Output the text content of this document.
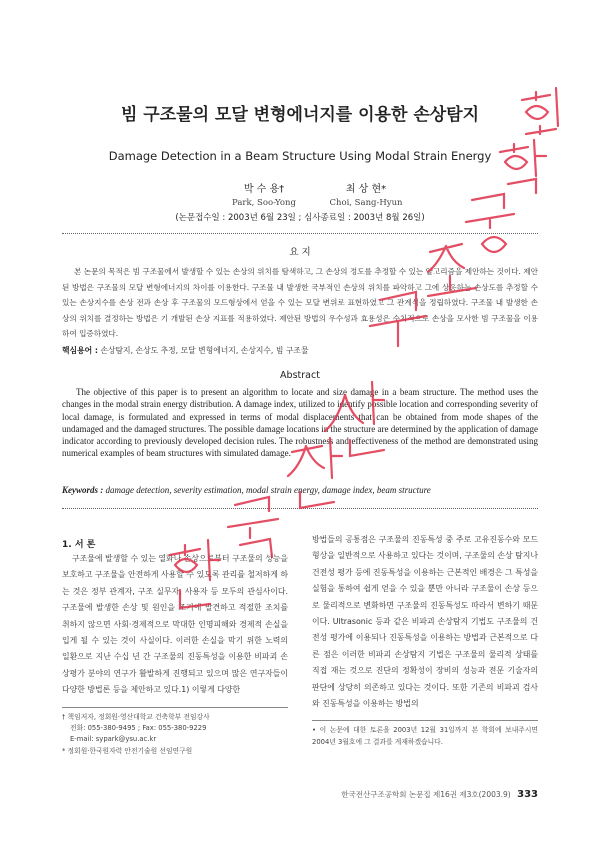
빔 구조물의 모달 변형에너지를 이용한 손상탐지
Damage Detection in a Beam Structure Using Modal Strain Energy
박 수 용†
Park, Soo-Yong
최 상 현*
Choi, Sang-Hyun
(논문접수일 : 2003년 6월 23일 ; 심사종료일 : 2003년 8월 26일)
요 지
본 논문의 목적은 빔 구조물에서 발생할 수 있는 손상의 위치를 탐색하고, 그 손상의 정도를 추정할 수 있는 알고리즘을 제안하는 것이다. 제안된 방법은 구조물의 모달 변형에너지의 차이를 이용한다. 구조물 내 발생한 국부적인 손상의 위치를 파악하고 그에 상응하는 손상도를 추정할 수 있는 손상지수를 손상 전과 손상 후 구조물의 모드형상에서 얻을 수 있는 모달 변위로 표현하였고 그 관계식을 정립하였다. 구조물 내 발생한 손상의 위치를 결정하는 방법은 기 개발된 손상 지표를 적용하였다. 제안된 방법의 우수성과 효용성은 수치적으로 손상을 모사한 빔 구조물을 이용하여 입증하였다.
핵심용어 : 손상탐지, 손상도 추정, 모달 변형에너지, 손상지수, 빔 구조물
Abstract
The objective of this paper is to present an algorithm to locate and size damage in a beam structure. The method uses the changes in the modal strain energy distribution. A damage index, utilized to identify possible location and corresponding severity of local damage, is formulated and expressed in terms of modal displacements that can be obtained from mode shapes of the undamaged and the damaged structures. The possible damage locations in the structure are determined by the application of damage indicator according to previously developed decision rules. The robustness and effectiveness of the method are demonstrated using numerical examples of beam structures with simulated damage.
Keywords : damage detection, severity estimation, modal strain energy, damage index, beam structure
1. 서 론
구조물에 발생할 수 있는 열화나 손상으로부터 구조물의 성능을 보호하고 구조물을 안전하게 사용할 수 있도록 관리를 철저하게 하는 것은 정부 관계자, 구조 실무자, 사용자 등 모두의 관심사이다. 구조물에 발생한 손상 및 원인을 조기에 발견하고 적절한 조치를 취하지 않으면 사회·경제적으로 막대한 인명피해와 경제적 손실을 입게 될 수 있는 것이 사실이다. 이러한 손실을 막기 위한 노력의 일환으로 지난 수십 년 간 구조물의 진동특성을 이용한 비파괴 손상평가 분야의 연구가 활발하게 진행되고 있으며 많은 연구자들이 다양한 방법론 등을 제안하고 있다.1) 이렇게 다양한
† 책임저자, 정회원·영산대학교 건축학부 전임강사
전화: 055-380-9495 ; Fax: 055-380-9229
E-mail: sypark@ysu.ac.kr
* 정회원·한국원자력 안전기술원 선임연구원
방법들의 공통점은 구조물의 진동특성 중 주로 고유진동수와 모드형상을 일반적으로 사용하고 있다는 것이며, 구조물의 손상 탐지나 건전성 평가 등에 진동특성을 이용하는 근본적인 배경은 그 특성을 실험을 통하여 쉽게 얻을 수 있을 뿐만 아니라 구조물이 손상 등으로 물리적으로 변화하면 구조물의 진동특성도 따라서 변하기 때문이다. Ultrasonic 등과 같은 비파괴 손상탐지 기법도 구조물의 건전성 평가에 이용되나 진동특성을 이용하는 방법과 근본적으로 다른 점은 이러한 비파괴 손상탐지 기법은 구조물의 물리적 상태를 직접 재는 것으로 진단의 정확성이 장비의 성능과 전문 기술자의 판단에 상당히 의존하고 있다는 것이다. 또한 기존의 비파괴 검사와 진동특성을 이용하는 방법의
• 이 논문에 대한 토론을 2003년 12월 31일까지 본 학회에 보내주시면 2004년 3월호에 그 결과를 게재하겠습니다.
한국전산구조공학회 논문집 제16권 제3호(2003.9) 333
